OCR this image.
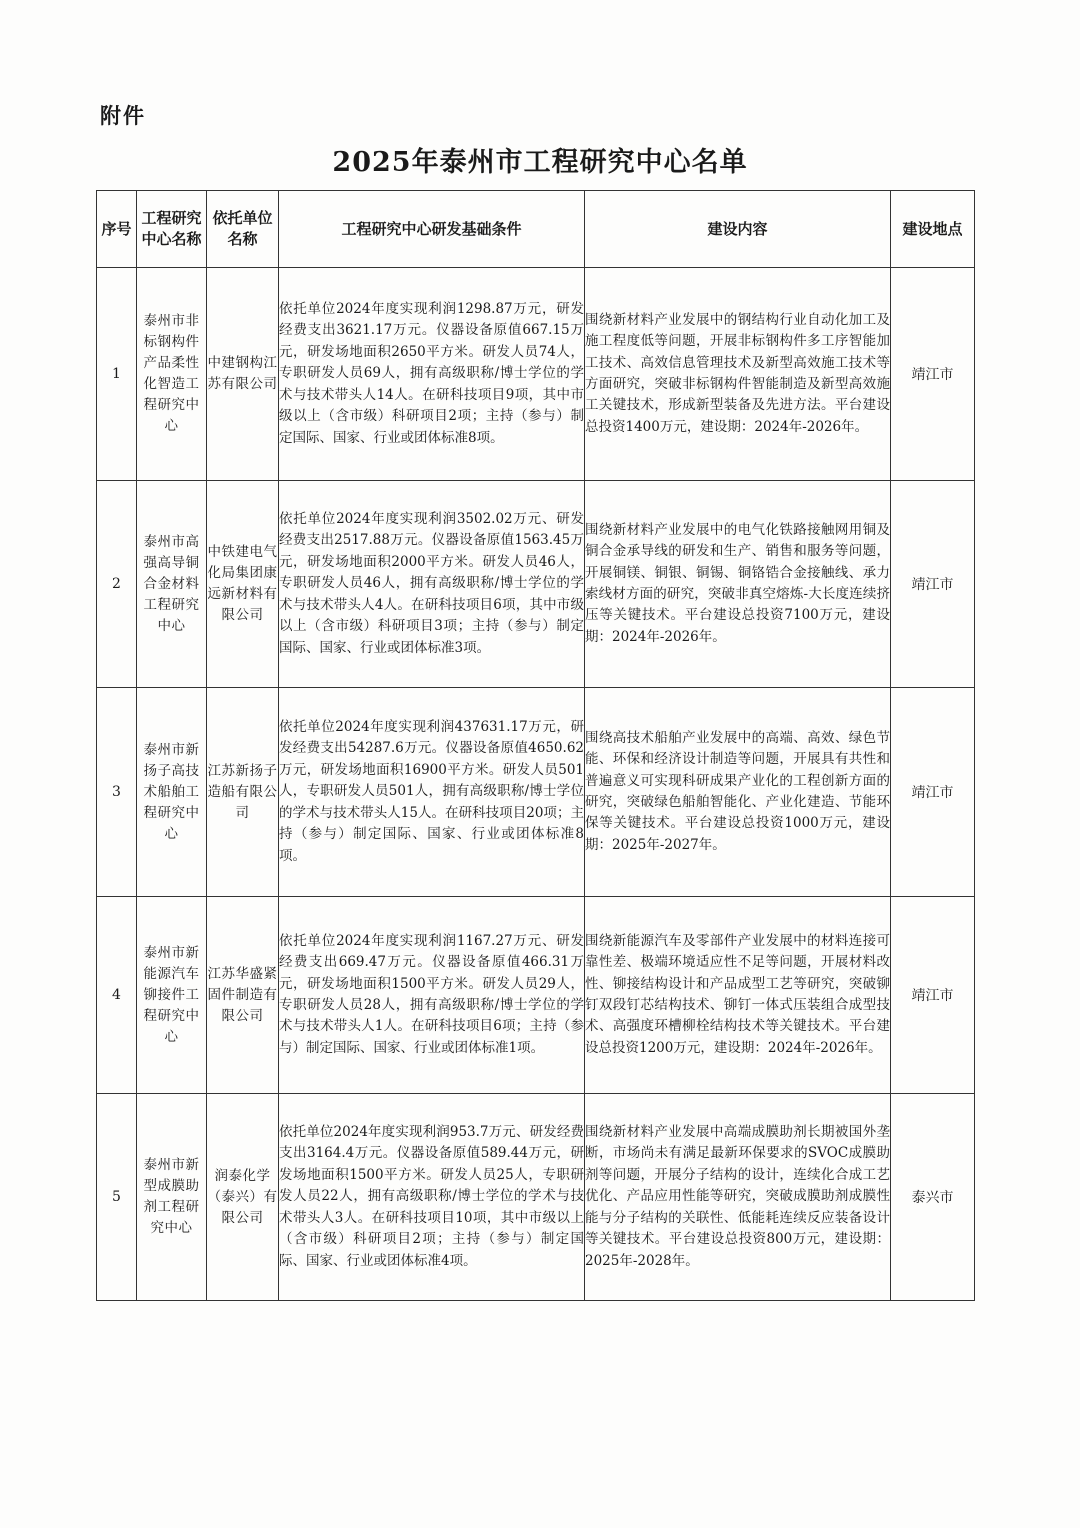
附件
2025年泰州市工程研究中心名单
序号	工程研究中心名称	依托单位名称	工程研究中心研发基础条件	建设内容	建设地点
1	泰州市非标钢构件产品柔性化智造工程研究中心	中建钢构江苏有限公司	依托单位2024年度实现利润1298.87万元，研发经费支出3621.17万元。仪器设备原值667.15万元，研发场地面积2650平方米。研发人员74人，专职研发人员69人，拥有高级职称/博士学位的学术与技术带头人14人。在研科技项目9项，其中市级以上（含市级）科研项目2项；主持（参与）制定国际、国家、行业或团体标准8项。	围绕新材料产业发展中的钢结构行业自动化加工及施工程度低等问题，开展非标钢构件多工序智能加工技术、高效信息管理技术及新型高效施工技术等方面研究，突破非标钢构件智能制造及新型高效施工关键技术，形成新型装备及先进方法。平台建设总投资1400万元，建设期：2024年-2026年。	靖江市
2	泰州市高强高导铜合金材料工程研究中心	中铁建电气化局集团康远新材料有限公司	依托单位2024年度实现利润3502.02万元、研发经费支出2517.88万元。仪器设备原值1563.45万元，研发场地面积2000平方米。研发人员46人，专职研发人员46人，拥有高级职称/博士学位的学术与技术带头人4人。在研科技项目6项，其中市级以上（含市级）科研项目3项；主持（参与）制定国际、国家、行业或团体标准3项。	围绕新材料产业发展中的电气化铁路接触网用铜及铜合金承导线的研发和生产、销售和服务等问题，开展铜镁、铜银、铜锡、铜铬锆合金接触线、承力索线材方面的研究，突破非真空熔炼-大长度连续挤压等关键技术。平台建设总投资7100万元，建设期：2024年-2026年。	靖江市
3	泰州市新扬子高技术船舶工程研究中心	江苏新扬子造船有限公司	依托单位2024年度实现利润437631.17万元，研发经费支出54287.6万元。仪器设备原值4650.62万元，研发场地面积16900平方米。研发人员501人，专职研发人员501人，拥有高级职称/博士学位的学术与技术带头人15人。在研科技项目20项；主持（参与）制定国际、国家、行业或团体标准8项。	围绕高技术船舶产业发展中的高端、高效、绿色节能、环保和经济设计制造等问题，开展具有共性和普遍意义可实现科研成果产业化的工程创新方面的研究，突破绿色船舶智能化、产业化建造、节能环保等关键技术。平台建设总投资1000万元，建设期：2025年-2027年。	靖江市
4	泰州市新能源汽车铆接件工程研究中心	江苏华盛紧固件制造有限公司	依托单位2024年度实现利润1167.27万元、研发经费支出669.47万元。仪器设备原值466.31万元，研发场地面积1500平方米。研发人员29人，专职研发人员28人，拥有高级职称/博士学位的学术与技术带头人1人。在研科技项目6项；主持（参与）制定国际、国家、行业或团体标准1项。	围绕新能源汽车及零部件产业发展中的材料连接可靠性差、极端环境适应性不足等问题，开展材料改性、铆接结构设计和产品成型工艺等研究，突破铆钉双段钉芯结构技术、铆钉一体式压装组合成型技术、高强度环槽柳栓结构技术等关键技术。平台建设总投资1200万元，建设期：2024年-2026年。	靖江市
5	泰州市新型成膜助剂工程研究中心	润泰化学（泰兴）有限公司	依托单位2024年度实现利润953.7万元、研发经费支出3164.4万元。仪器设备原值589.44万元，研发场地面积1500平方米。研发人员25人，专职研发人员22人，拥有高级职称/博士学位的学术与技术带头人3人。在研科技项目10项，其中市级以上（含市级）科研项目2项；主持（参与）制定国际、国家、行业或团体标准4项。	围绕新材料产业发展中高端成膜助剂长期被国外垄断，市场尚未有满足最新环保要求的SVOC成膜助剂等问题，开展分子结构的设计，连续化合成工艺优化、产品应用性能等研究，突破成膜助剂成膜性能与分子结构的关联性、低能耗连续反应装备设计等关键技术。平台建设总投资800万元，建设期：2025年-2028年。	泰兴市
